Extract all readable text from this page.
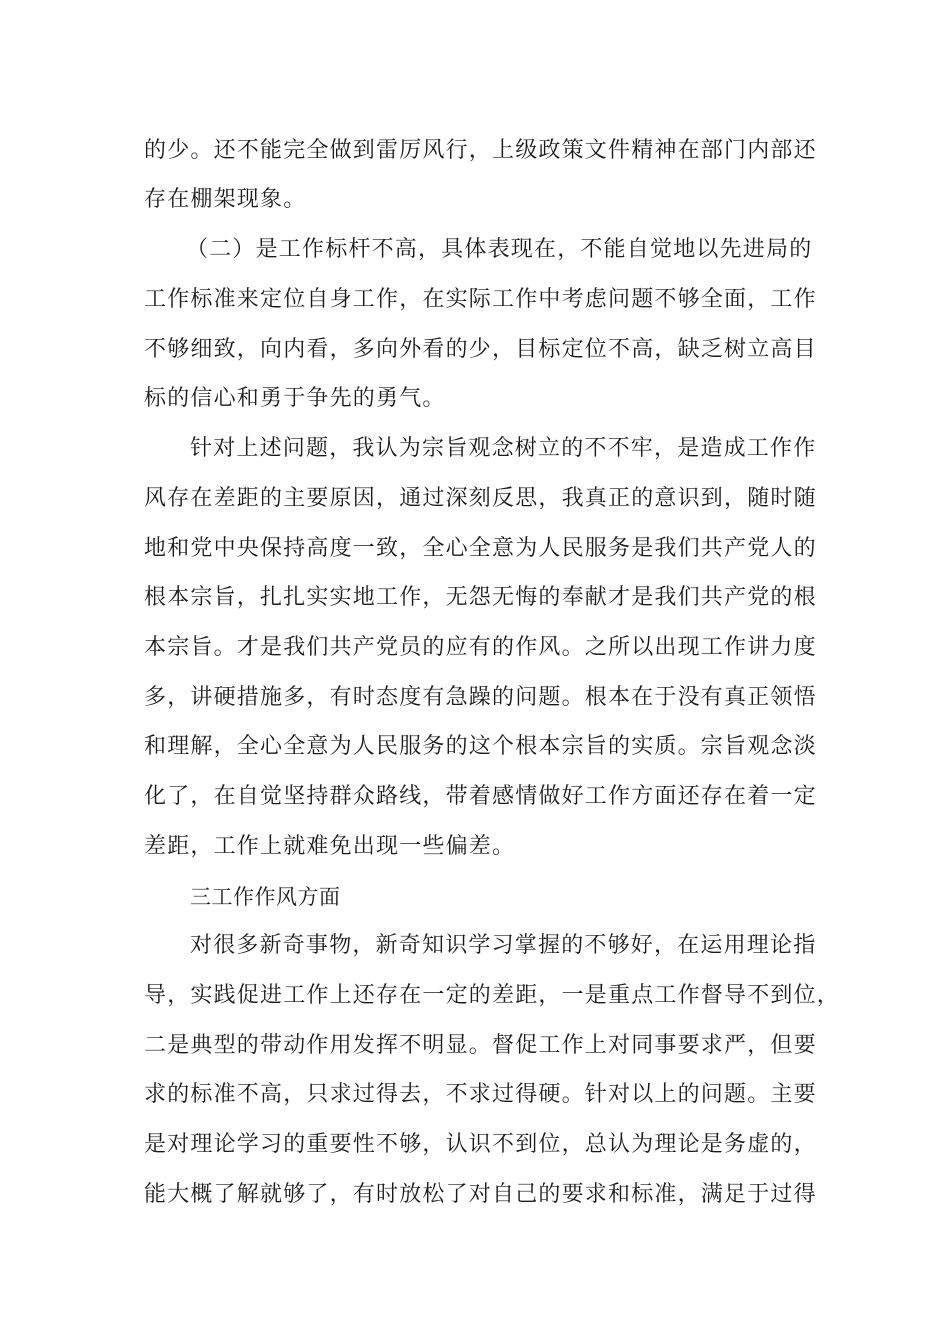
的少。还不能完全做到雷厉风行，上级政策文件精神在部门内部还
存在棚架现象。
（二）是工作标杆不高，具体表现在，不能自觉地以先进局的
工作标准来定位自身工作，在实际工作中考虑问题不够全面，工作
不够细致，向内看，多向外看的少，目标定位不高，缺乏树立高目
标的信心和勇于争先的勇气。
针对上述问题，我认为宗旨观念树立的不不牢，是造成工作作
风存在差距的主要原因，通过深刻反思，我真正的意识到，随时随
地和党中央保持高度一致，全心全意为人民服务是我们共产党人的
根本宗旨，扎扎实实地工作，无怨无悔的奉献才是我们共产党的根
本宗旨。才是我们共产党员的应有的作风。之所以出现工作讲力度
多，讲硬措施多，有时态度有急躁的问题。根本在于没有真正领悟
和理解，全心全意为人民服务的这个根本宗旨的实质。宗旨观念淡
化了，在自觉坚持群众路线，带着感情做好工作方面还存在着一定
差距，工作上就难免出现一些偏差。
三工作作风方面
对很多新奇事物，新奇知识学习掌握的不够好，在运用理论指
导，实践促进工作上还存在一定的差距，一是重点工作督导不到位，
二是典型的带动作用发挥不明显。督促工作上对同事要求严，但要
求的标准不高，只求过得去，不求过得硬。针对以上的问题。主要
是对理论学习的重要性不够，认识不到位，总认为理论是务虚的，
能大概了解就够了，有时放松了对自己的要求和标准，满足于过得
